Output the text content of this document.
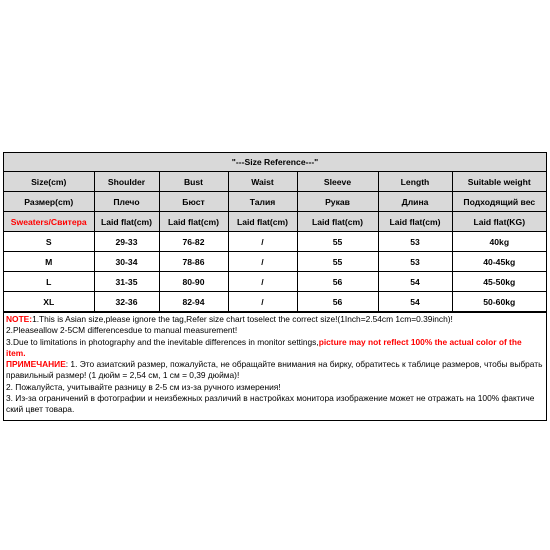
"---Size Reference---"						
Size(cm)	Shoulder	Bust	Waist	Sleeve	Length	Suitable weight
Размер(cm)	Плечо	Бюст	Талия	Рукав	Длина	Подходящий вес
Sweaters/Свитера	Laid flat(cm)	Laid flat(cm)	Laid flat(cm)	Laid flat(cm)	Laid flat(cm)	Laid flat(KG)
S	29-33	76-82	/	55	53	40kg
M	30-34	78-86	/	55	53	40-45kg
L	31-35	80-90	/	56	54	45-50kg
XL	32-36	82-94	/	56	54	50-60kg
NOTE:1.This is Asian size,please ignore the tag,Refer size chart toselect the correct size!(1Inch=2.54cm 1cm=0.39inch)!
2.Pleaseallow 2-5CM differencesdue to manual measurement!
3.Due to limitations in photography and the inevitable differences in monitor settings,picture may not reflect 100% the actual color of the
item.
ПРИМЕЧАНИЕ: 1. Это азиатский размер, пожалуйста, не обращайте внимания на бирку, обратитесь к таблице размеров, чтобы выбрать
правильный размер! (1 дюйм = 2,54 см, 1 см = 0,39 дюйма)!
2. Пожалуйста, учитывайте разницу в 2-5 см из-за ручного измерения!
3. Из-за ограничений в фотографии и неизбежных различий в настройках монитора изображение может не отражать на 100% фактиче
ский цвет товара.
